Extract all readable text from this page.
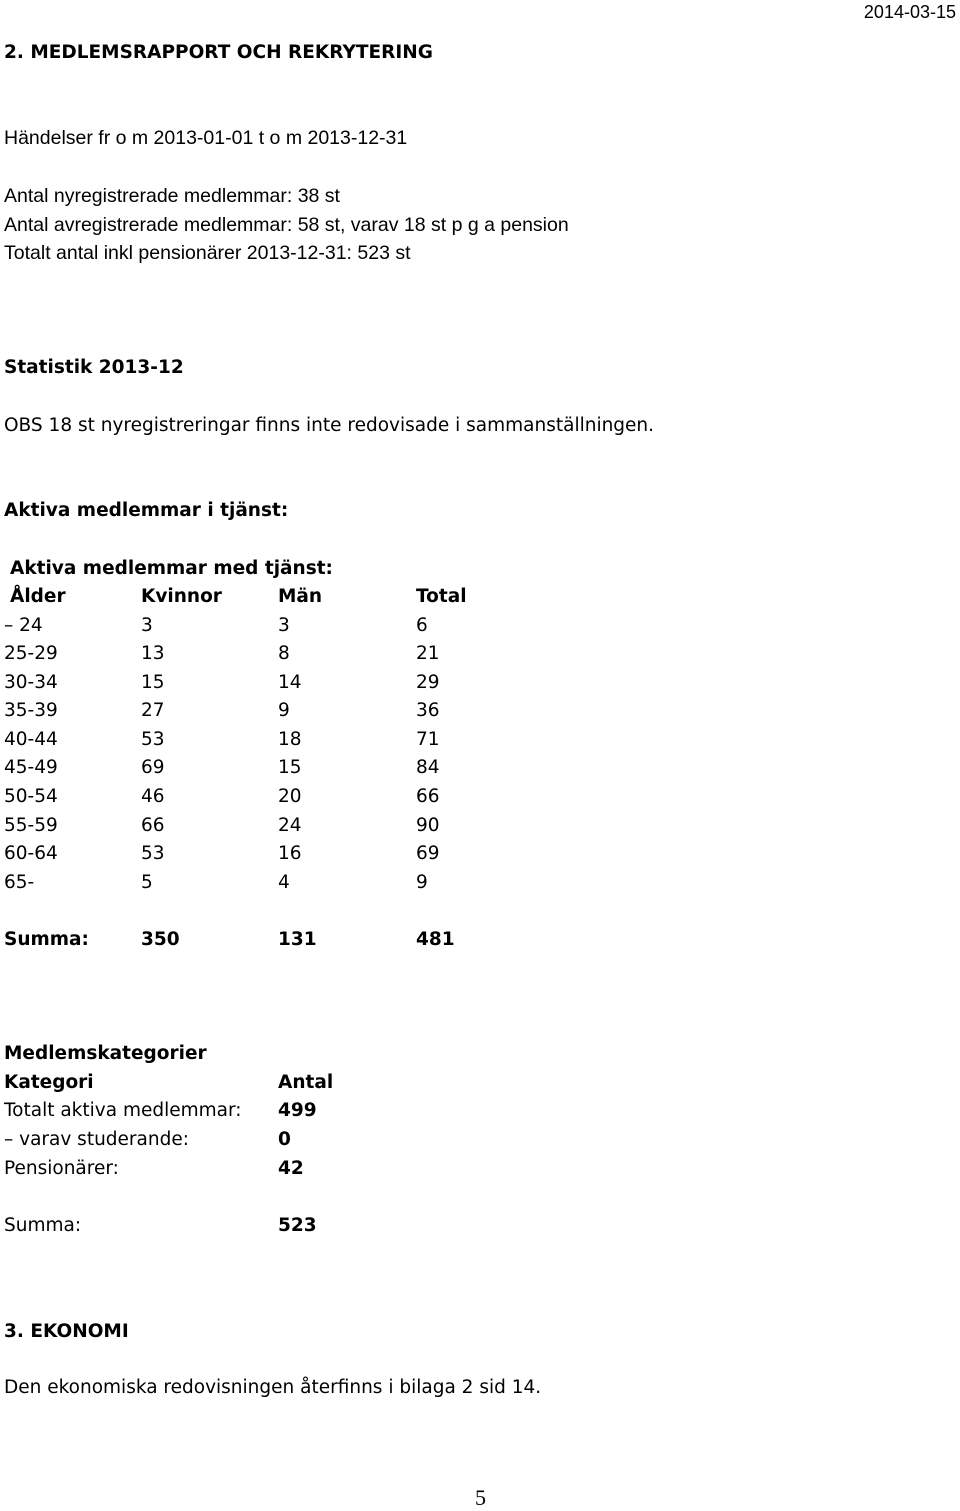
2014-03-15
2. MEDLEMSRAPPORT OCH REKRYTERING
Händelser fr o m 2013-01-01 t o m 2013-12-31
Antal nyregistrerade medlemmar: 38 st
Antal avregistrerade medlemmar: 58 st, varav 18 st p g a pension
Totalt antal inkl pensionärer 2013-12-31: 523 st
Statistik 2013-12
OBS 18 st nyregistreringar finns inte redovisade i sammanställningen.
Aktiva medlemmar i tjänst:
Aktiva medlemmar med tjänst:
Ålder	Kvinnor	Män	Total
– 24	3	3	6
25-29	13	8	21
30-34	15	14	29
35-39	27	9	36
40-44	53	18	71
45-49	69	15	84
50-54	46	20	66
55-59	66	24	90
60-64	53	16	69
65-	5	4	9
Summa:	350	131	481
Medlemskategorier
Kategori	Antal
Totalt aktiva medlemmar: 499
– varav studerande:	0
Pensionärer:	42
Summa:	523
3. EKONOMI
Den ekonomiska redovisningen återfinns i bilaga 2 sid 14.
5
